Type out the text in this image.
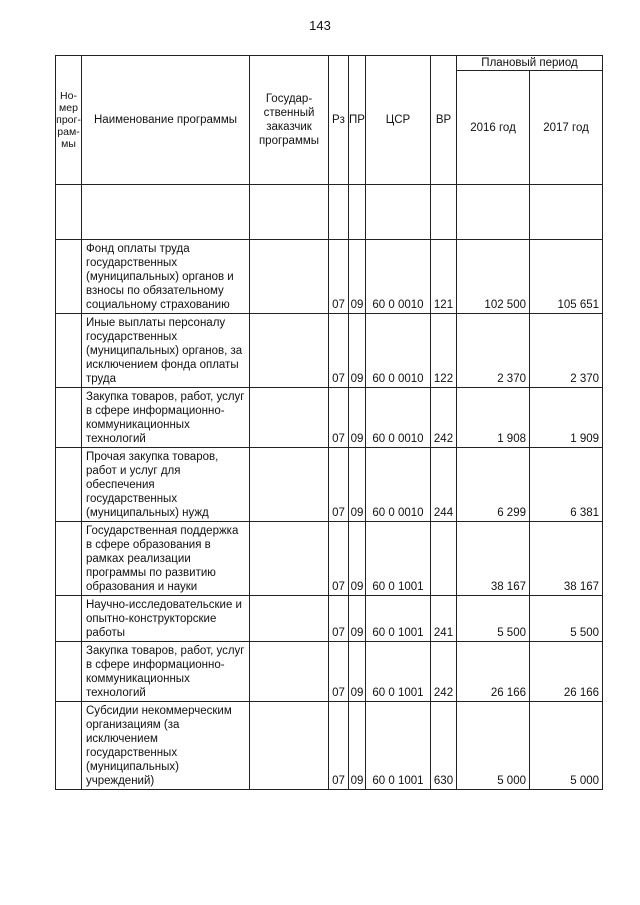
143
Но-
мер
прог-
рам-
мы	Наименование программы	Государ-
ственный
заказчик
программы	Рз	ПР	ЦСР	ВР	Плановый период	
							2016 год	2017 год

	Фонд оплаты труда государственных (муниципальных) органов и взносы по обязательному социальному страхованию		07	09	60 0 0010	121	102 500	105 651
	Иные выплаты персоналу государственных (муниципальных) органов, за исключением фонда оплаты труда		07	09	60 0 0010	122	2 370	2 370
	Закупка товаров, работ, услуг в сфере информационно-коммуникационных технологий		07	09	60 0 0010	242	1 908	1 909
	Прочая закупка товаров, работ и услуг для обеспечения государственных (муниципальных) нужд		07	09	60 0 0010	244	6 299	6 381
	Государственная поддержка в сфере образования в рамках реализации программы по развитию образования и науки		07	09	60 0 1001		38 167	38 167
	Научно-исследовательские и опытно-конструкторские работы		07	09	60 0 1001	241	5 500	5 500
	Закупка товаров, работ, услуг в сфере информационно-коммуникационных технологий		07	09	60 0 1001	242	26 166	26 166
	Субсидии некоммерческим организациям (за исключением государственных (муниципальных) учреждений)		07	09	60 0 1001	630	5 000	5 000
